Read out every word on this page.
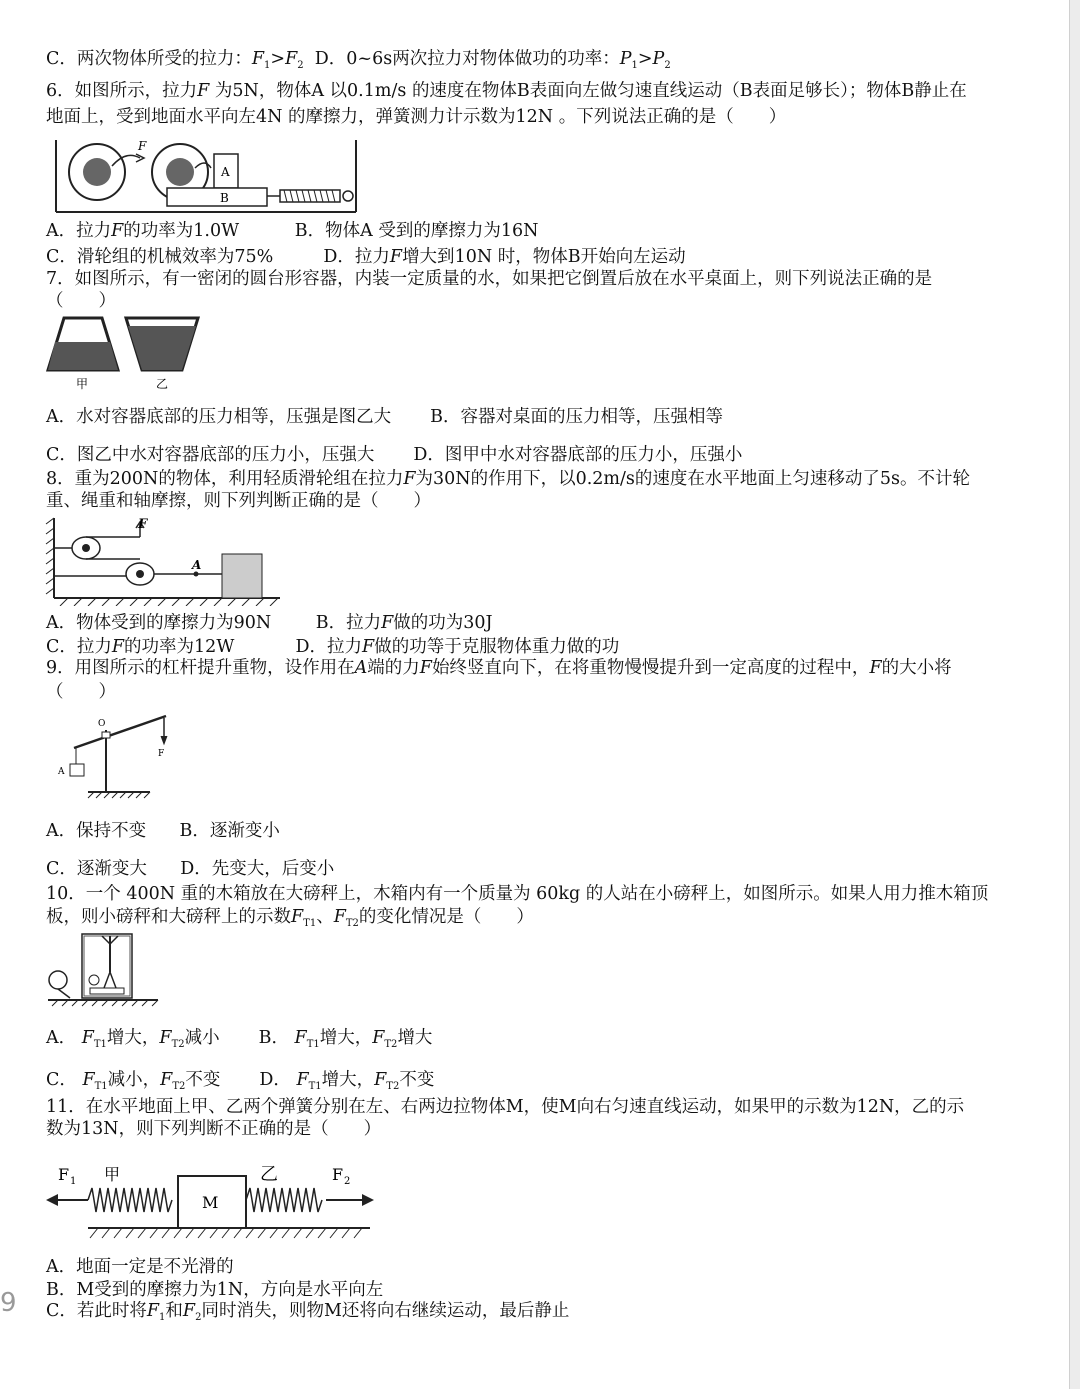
9
C．两次物体所受的拉力：$F_1>F_2$  D．0~6s两次拉力对物体做功的功率：$P_1>P_2$
6．如图所示，拉力F 为5N，物体A 以0.1m/s 的速度在物体B表面向左做匀速直线运动（B表面足够长）；物体B静止在
地面上，受到地面水平向左4N 的摩擦力，弹簧测力计示数为12N 。下列说法正确的是（　　）
F
A
B
A．拉力F的功率为1.0W	B．物体A 受到的摩擦力为16N
C．滑轮组的机械效率为75%	D．拉力F增大到10N 时，物体B开始向左运动
7．如图所示，有一密闭的圆台形容器，内装一定质量的水，如果把它倒置后放在水平桌面上，则下列说法正确的是
（　　）
甲	乙
A．水对容器底部的压力相等，压强是图乙大 B．容器对桌面的压力相等，压强相等
C．图乙中水对容器底部的压力小，压强大 D．图甲中水对容器底部的压力小，压强小
8．重为200N的物体，利用轻质滑轮组在拉力F为30N的作用下，以0.2m/s的速度在水平地面上匀速移动了5s。不计轮
重、绳重和轴摩擦，则下列判断正确的是（　　）
F
A
A．物体受到的摩擦力为90N	B．拉力F做的功为30J
C．拉力F的功率为12W	D．拉力F做的功等于克服物体重力做的功
9．用图所示的杠杆提升重物，设作用在A端的力F始终竖直向下，在将重物慢慢提升到一定高度的过程中，F的大小将
（　　）
O
A
F
A．保持不变 B．逐渐变小
C．逐渐变大 D．先变大，后变小
10．一个 400N 重的木箱放在大磅秤上，木箱内有一个质量为 60kg 的人站在小磅秤上，如图所示。如果人用力推木箱顶
板，则小磅秤和大磅秤上的示数$F_{T1}$、$F_{T2}$的变化情况是（　　）
A． $F_{T1}$增大，$F_{T2}$减小 B． $F_{T1}$增大，$F_{T2}$增大
C． $F_{T1}$减小，$F_{T2}$不变 D． $F_{T1}$增大，$F_{T2}$不变
11．在水平地面上甲、乙两个弹簧分别在左、右两边拉物体M，使M向右匀速直线运动，如果甲的示数为12N，乙的示
数为13N，则下列判断不正确的是（　　）
F 1 甲	乙	F 2
M
A．地面一定是不光滑的
B．M受到的摩擦力为1N，方向是水平向左
C．若此时将$F_1$和$F_2$同时消失，则物M还将向右继续运动，最后静止
